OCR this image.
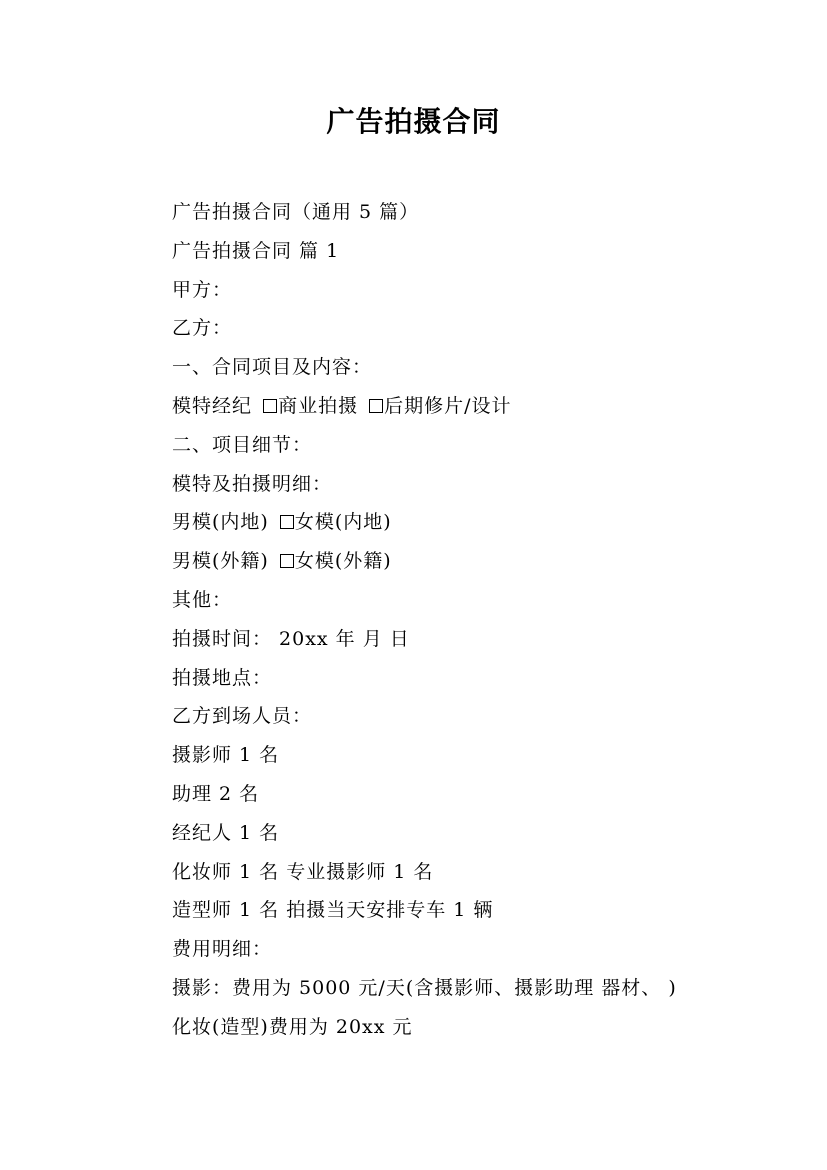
广告拍摄合同
广告拍摄合同（通用 5 篇）
广告拍摄合同 篇 1
甲方：
乙方：
一、合同项目及内容：
模特经纪 商业拍摄 后期修片/设计
二、项目细节：
模特及拍摄明细：
男模(内地) 女模(内地)
男模(外籍) 女模(外籍)
其他：
拍摄时间： 20xx 年 月 日
拍摄地点：
乙方到场人员：
摄影师 1 名
助理 2 名
经纪人 1 名
化妆师 1 名 专业摄影师 1 名
造型师 1 名 拍摄当天安排专车 1 辆
费用明细：
摄影：费用为 5000 元/天(含摄影师、摄影助理 器材、 )
化妆(造型)费用为 20xx 元
